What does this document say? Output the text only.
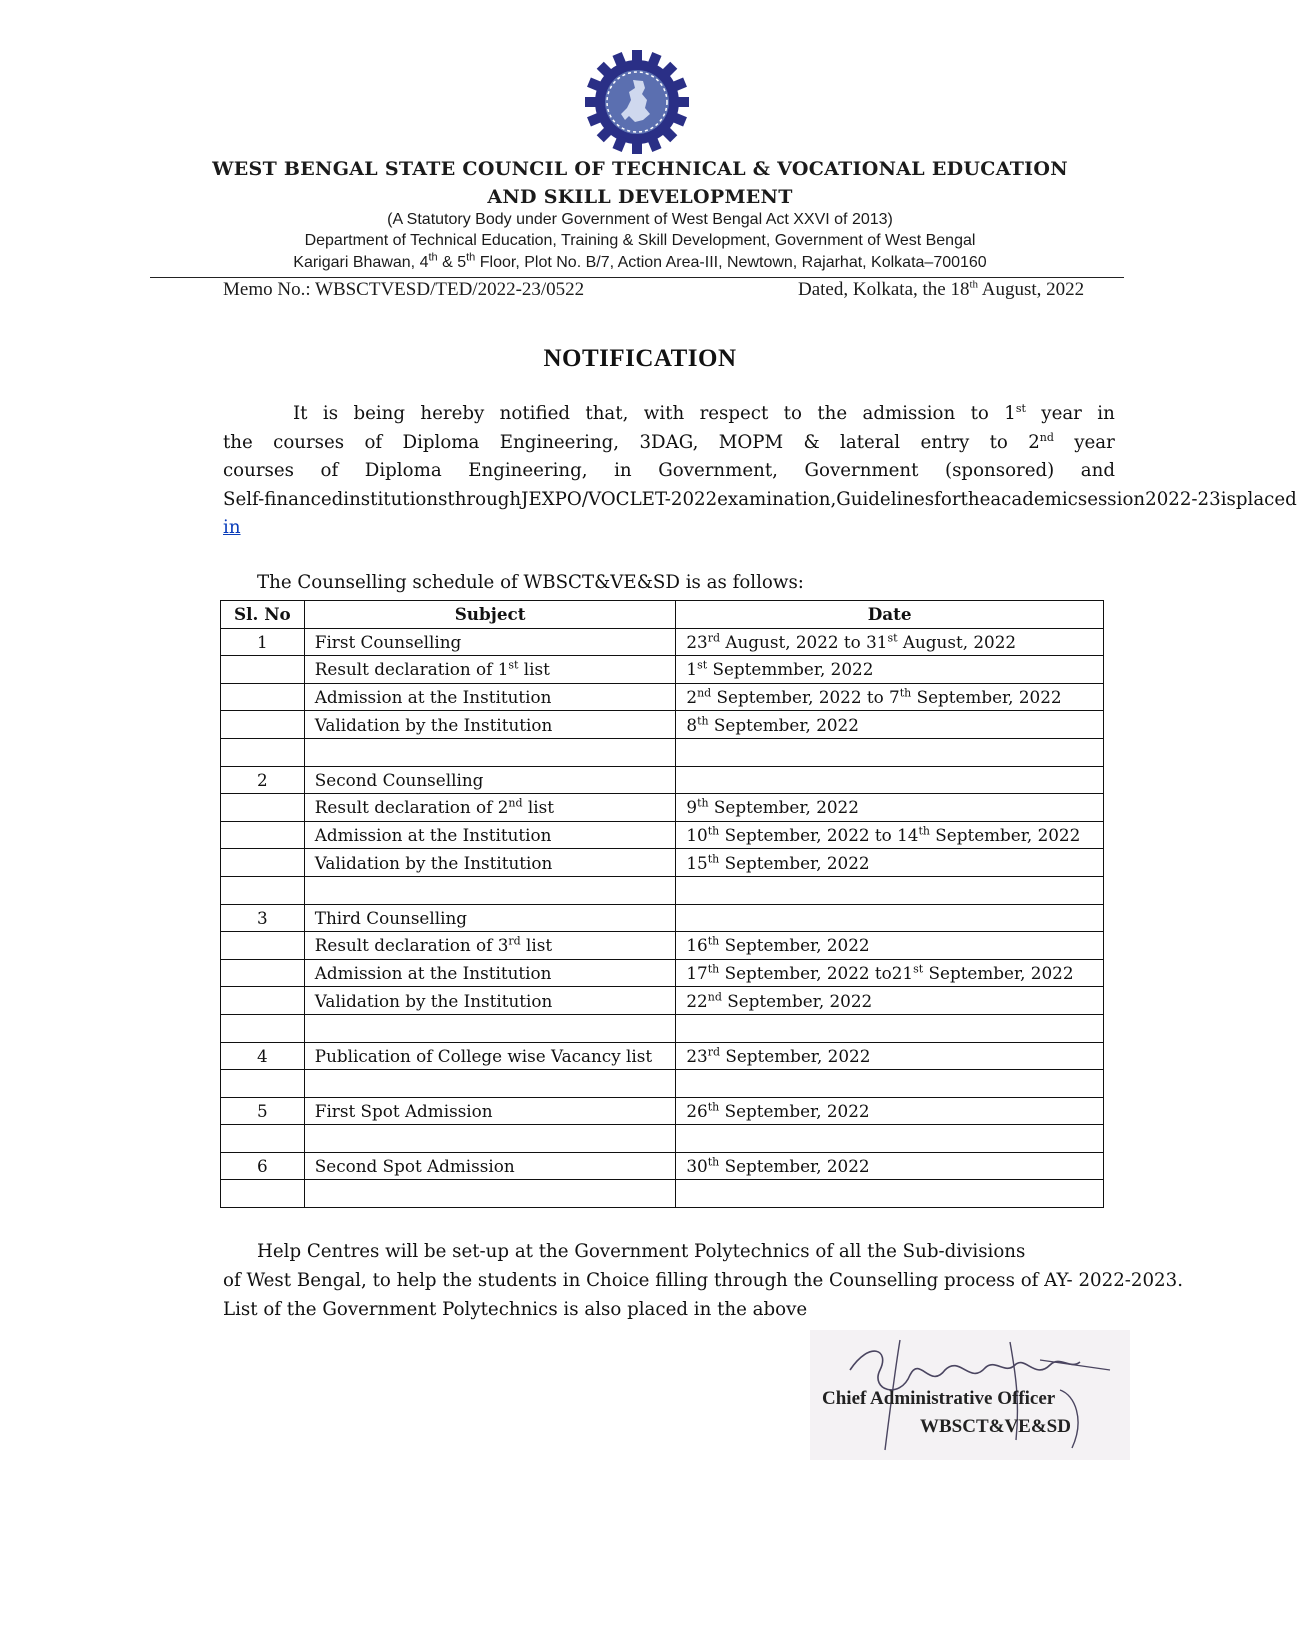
WEST BENGAL STATE COUNCIL OF TECHNICAL & VOCATIONAL EDUCATION
AND SKILL DEVELOPMENT
(A Statutory Body under Government of West Bengal Act XXVI of 2013)
Department of Technical Education, Training & Skill Development, Government of West Bengal
Karigari Bhawan, 4th & 5th Floor, Plot No. B/7, Action Area-III, Newtown, Rajarhat, Kolkata–700160
Memo No.: WBSCTVESD/TED/2022-23/0522	Dated, Kolkata, the 18th August, 2022
NOTIFICATION
It is being hereby notified that, with respect to the admission to 1st year in
the courses of Diploma Engineering, 3DAG, MOPM & lateral entry to 2nd year
courses of Diploma Engineering, in Government, Government (sponsored) and
Self-financed institutions through JEXPO/VOCLET-2022 examination, Guidelines for the academic session 2022-23 is placed
in
The Counselling schedule of WBSCT&VE&SD is as follows:
Sl. No	Subject	Date
1	First Counselling	23rd August, 2022 to 31st August, 2022
	Result declaration of 1st list	1st Septemmber, 2022
	Admission at the Institution	2nd September, 2022 to 7th September, 2022
	Validation by the Institution	8th September, 2022

2	Second Counselling	
	Result declaration of 2nd list	9th September, 2022
	Admission at the Institution	10th September, 2022 to 14th September, 2022
	Validation by the Institution	15th September, 2022

3	Third Counselling	
	Result declaration of 3rd list	16th September, 2022
	Admission at the Institution	17th September, 2022 to21st September, 2022
	Validation by the Institution	22nd September, 2022

4	Publication of College wise Vacancy list	23rd September, 2022

5	First Spot Admission	26th September, 2022

6	Second Spot Admission	30th September, 2022

Help Centres will be set-up at the Government Polytechnics of all the Sub-divisions
of West Bengal, to help the students in Choice filling through the Counselling process of AY- 2022-2023.
List of the Government Polytechnics is also placed in the above
Chief Administrative Officer
WBSCT&VE&SD
